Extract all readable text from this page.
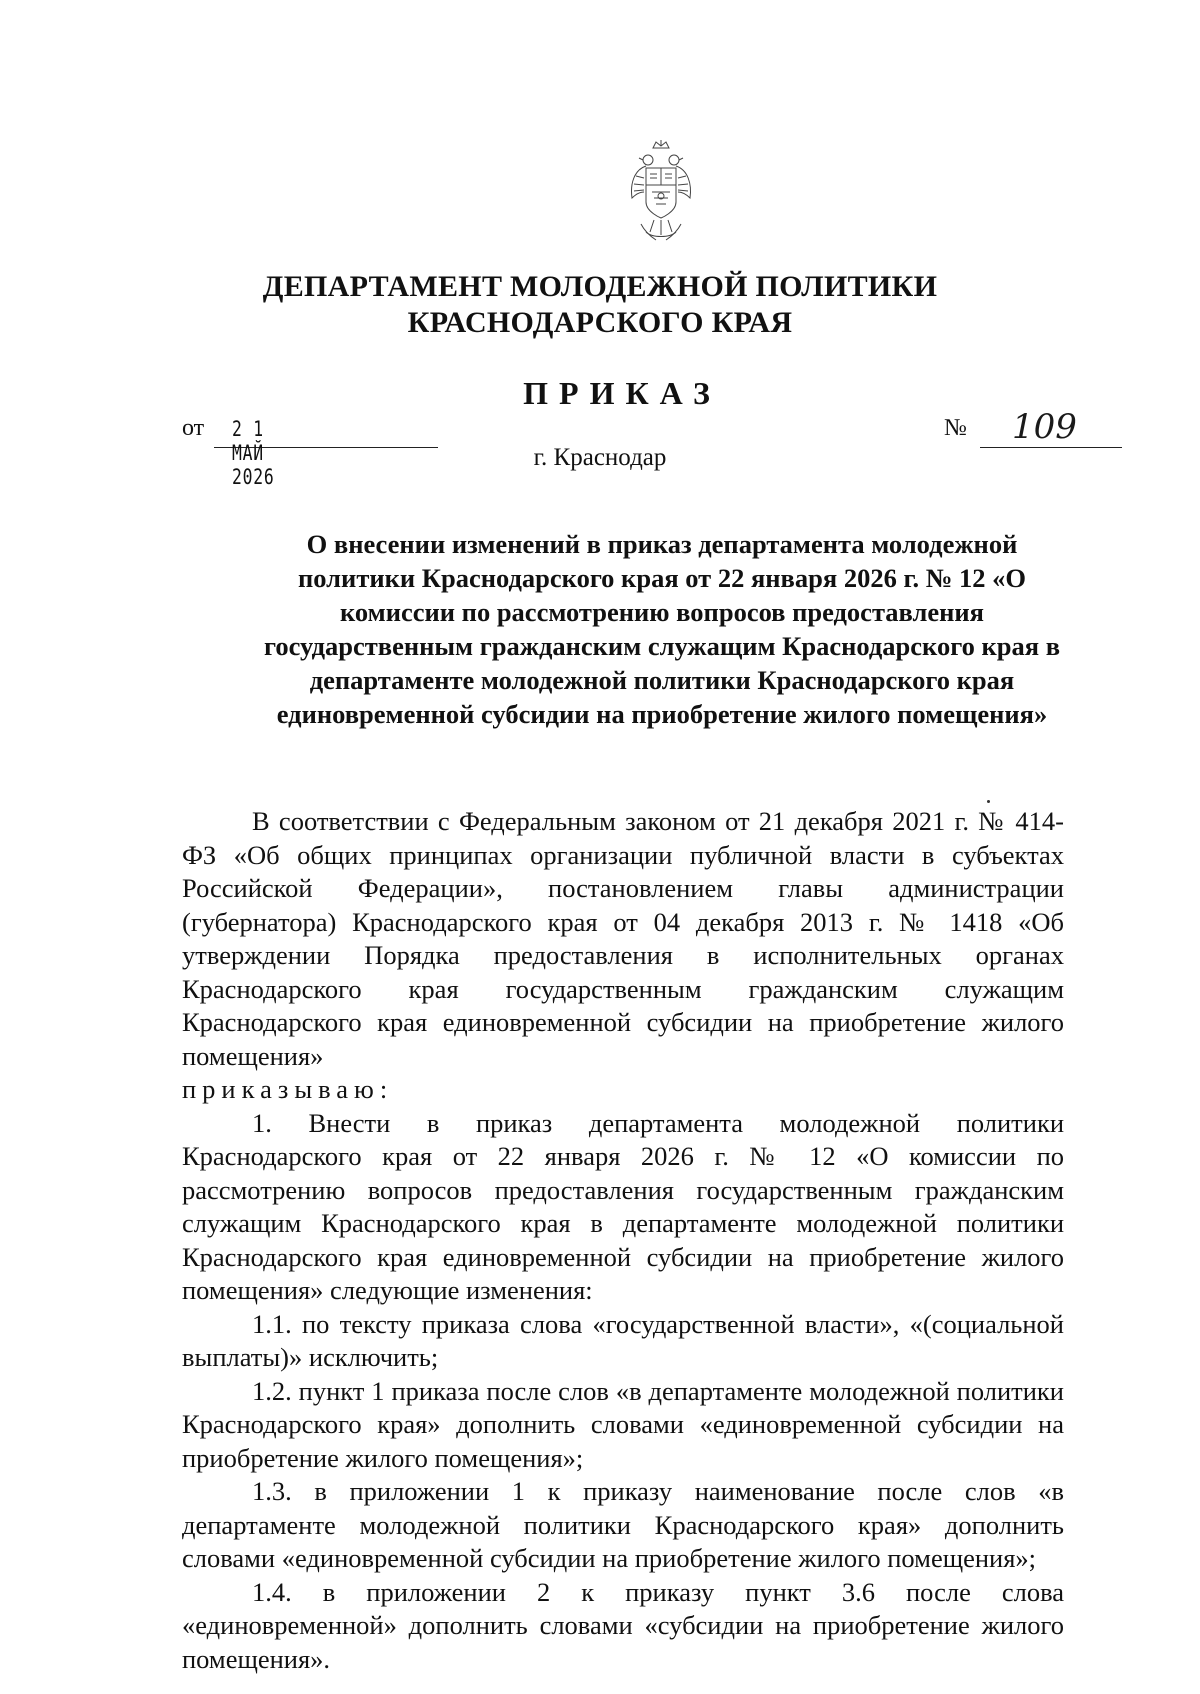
ДЕПАРТАМЕНТ МОЛОДЕЖНОЙ ПОЛИТИКИ
КРАСНОДАРСКОГО КРАЯ
ПРИКАЗ
от 2 1 МАЙ 2026
№ 109
г. Краснодар
О внесении изменений в приказ департамента молодежной политики Краснодарского края от 22 января 2026 г. № 12 «О комиссии по рассмотрению вопросов предоставления государственным гражданским служащим Краснодарского края в департаменте молодежной политики Краснодарского края единовременной субсидии на приобретение жилого помещения»

В соответствии с Федеральным законом от 21 декабря 2021 г. № 414-ФЗ «Об общих принципах организации публичной власти в субъектах Российской Федерации», постановлением главы администрации (губернатора) Краснодарского края от 04 декабря 2013 г. № 1418 «Об утверждении Порядка предоставления в исполнительных органах Краснодарского края государственным гражданским служащим Краснодарского края единовременной субсидии на приобретение жилого помещения»

приказываю:

1. Внести в приказ департамента молодежной политики Краснодарского края от 22 января 2026 г. № 12 «О комиссии по рассмотрению вопросов предоставления государственным гражданским служащим Краснодарского края в департаменте молодежной политики Краснодарского края единовременной субсидии на приобретение жилого помещения» следующие изменения:

1.1. по тексту приказа слова «государственной власти», «(социальной выплаты)» исключить;

1.2. пункт 1 приказа после слов «в департаменте молодежной политики Краснодарского края» дополнить словами «единовременной субсидии на приобретение жилого помещения»;

1.3. в приложении 1 к приказу наименование после слов «в департаменте молодежной политики Краснодарского края» дополнить словами «единовременной субсидии на приобретение жилого помещения»;

1.4. в приложении 2 к приказу пункт 3.6 после слова «единовременной» дополнить словами «субсидии на приобретение жилого помещения».
